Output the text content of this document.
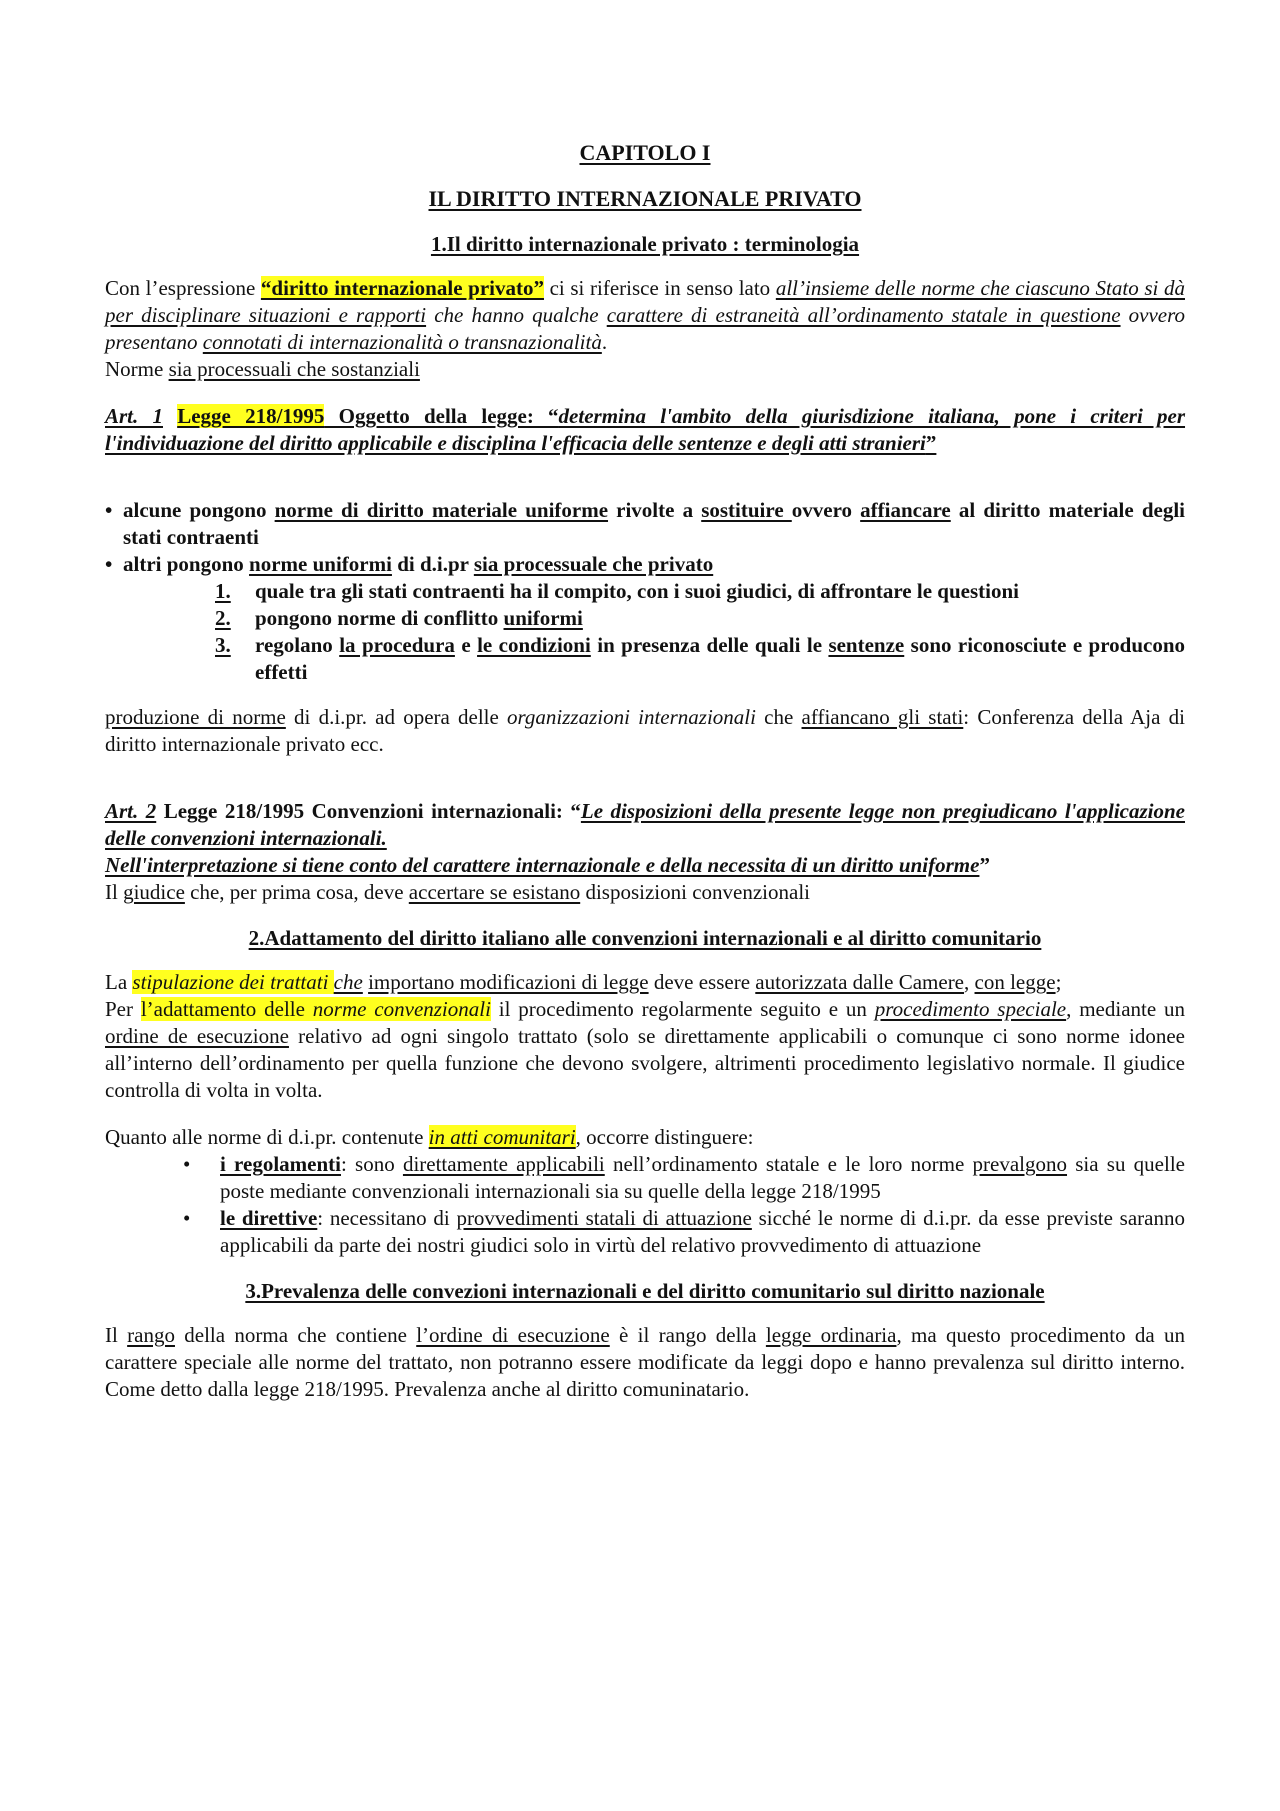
CAPITOLO I
IL DIRITTO INTERNAZIONALE PRIVATO
1.Il diritto internazionale privato : terminologia

Con l’espressione “diritto internazionale privato” ci si riferisce in senso lato all’insieme delle norme che ciascuno Stato si dà per disciplinare situazioni e rapporti che hanno qualche carattere di estraneità all’ordinamento statale in questione ovvero presentano connotati di internazionalità o transnazionalità.

Norme sia processuali che sostanziali

Art. 1 Legge 218/1995 Oggetto della legge: “determina l'ambito della giurisdizione italiana, pone i criteri per l'individuazione del diritto applicabile e disciplina l'efficacia delle sentenze e degli atti stranieri”

• alcune pongono norme di diritto materiale uniforme rivolte a sostituire ovvero affiancare al diritto materiale degli stati contraenti

• altri pongono norme uniformi di d.i.pr sia processuale che privato

1.	quale tra gli stati contraenti ha il compito, con i suoi giudici, di affrontare le questioni

2.	pongono norme di conflitto uniformi

3.	regolano la procedura e le condizioni in presenza delle quali le sentenze sono riconosciute e producono effetti

produzione di norme di d.i.pr. ad opera delle organizzazioni internazionali che affiancano gli stati: Conferenza della Aja di diritto internazionale privato ecc.

Art. 2 Legge 218/1995 Convenzioni internazionali: “Le disposizioni della presente legge non pregiudicano l'applicazione delle convenzioni internazionali.
Nell'interpretazione si tiene conto del carattere internazionale e della necessita di un diritto uniforme”

Il giudice che, per prima cosa, deve accertare se esistano disposizioni convenzionali

2.Adattamento del diritto italiano alle convenzioni internazionali e al diritto comunitario

La stipulazione dei trattati che importano modificazioni di legge deve essere autorizzata dalle Camere, con legge;

Per l’adattamento delle norme convenzionali il procedimento regolarmente seguito e un procedimento speciale, mediante un ordine de esecuzione relativo ad ogni singolo trattato (solo se direttamente applicabili o comunque ci sono norme idonee all’interno dell’ordinamento per quella funzione che devono svolgere, altrimenti procedimento legislativo normale. Il giudice controlla di volta in volta.

Quanto alle norme di d.i.pr. contenute in atti comunitari, occorre distinguere:

• i regolamenti: sono direttamente applicabili nell’ordinamento statale e le loro norme prevalgono sia su quelle poste mediante convenzionali internazionali sia su quelle della legge 218/1995

• le direttive: necessitano di provvedimenti statali di attuazione sicché le norme di d.i.pr. da esse previste saranno applicabili da parte dei nostri giudici solo in virtù del relativo provvedimento di attuazione

3.Prevalenza delle convezioni internazionali e del diritto comunitario sul diritto nazionale

Il rango della norma che contiene l’ordine di esecuzione è il rango della legge ordinaria, ma questo procedimento da un carattere speciale alle norme del trattato, non potranno essere modificate da leggi dopo e hanno prevalenza sul diritto interno. Come detto dalla legge 218/1995. Prevalenza anche al diritto comuninatario.
